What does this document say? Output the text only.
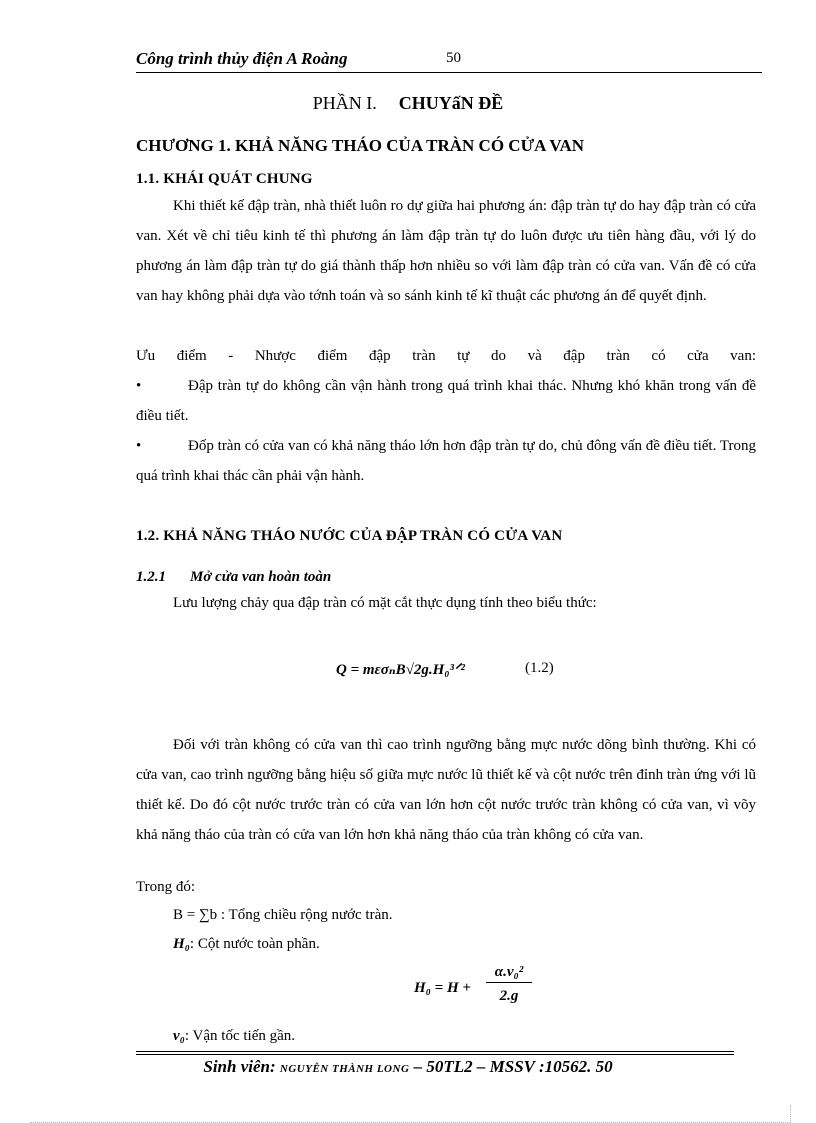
Công trình thủy điện A Roàng	50
PHẦN I. CHUYấN ĐỀ
CHƯƠNG 1. KHẢ NĂNG THÁO CỦA TRÀN CÓ CỬA VAN
1.1. KHÁI QUÁT CHUNG
Khi thiết kế đập tràn, nhà thiết luôn ro dự giữa hai phương án: đập tràn tự do hay đập tràn có cửa van. Xét về chỉ tiêu kinh tế thì phương án làm đập tràn tự do luôn được ưu tiên hàng đầu, với lý do phương án làm đập tràn tự do giá thành thấp hơn nhiều so với làm đập tràn có cửa van. Vấn đề có cửa van hay không phải dựa vào tớnh toán và so sánh kinh tế kĩ thuật các phương án để quyết định.
Ưu điểm - Nhược điểm đập tràn tự do và đập tràn có cửa van:
•	Đập tràn tự do không cần vận hành trong quá trình khai thác. Nhưng khó khăn trong vấn đề điều tiết.
•	Đốp tràn có cửa van có khả năng tháo lớn hơn đập tràn tự do, chủ đông vấn đề điều tiết. Trong quá trình khai thác cần phải vận hành.
1.2. KHẢ NĂNG THÁO NƯỚC CỦA ĐẬP TRÀN CÓ CỬA VAN
1.2.1 Mở cửa van hoàn toàn
Lưu lượng chảy qua đập tràn có mặt cắt thực dụng tính theo biểu thức:
Q = mεσₙB√2g.H₀³ᐟ²	(1.2)
Đối với tràn không có cửa van thì cao trình ngưỡng bằng mực nước dõng bình thường. Khi có cửa van, cao trình ngưỡng bằng hiệu số giữa mực nước lũ thiết kế và cột nước trên đỉnh tràn ứng với lũ thiết kế. Do đó cột nước trước tràn có cửa van lớn hơn cột nước trước tràn không có cửa van, vì võy khả năng tháo của tràn có cửa van lớn hơn khả năng tháo của tràn không có cửa van.
Trong đó:
B = ∑b : Tổng chiều rộng nước tràn.
H₀: Cột nước toàn phần.
H₀ = H +
α.v₀²
2.g
v₀: Vận tốc tiến gần.
Sinh viên: NGUYỄN THÀNH LONG – 50TL2 – MSSV :10562. 50
